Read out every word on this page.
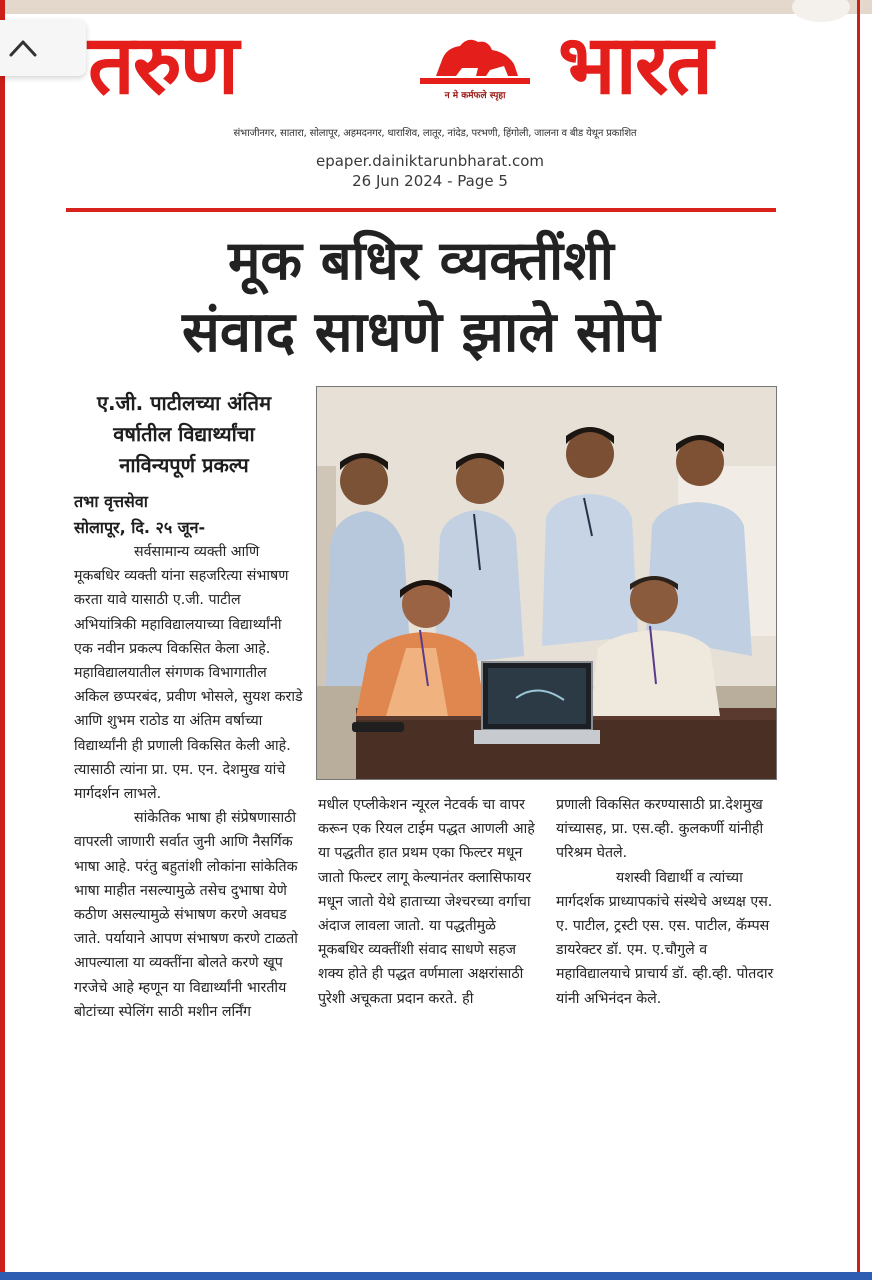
तरुण	न मे कर्मफले स्पृहा भारत
संभाजीनगर, सातारा, सोलापूर, अहमदनगर, धाराशिव, लातूर, नांदेड, परभणी, हिंगोली, जालना व बीड येथून प्रकाशित
epaper.dainiktarunbharat.com
26 Jun 2024 - Page 5
मूक बधिर व्यक्तींशी
संवाद साधणे झाले सोपे
ए.जी. पाटीलच्या अंतिम
वर्षातील विद्यार्थ्यांचा
नाविन्यपूर्ण प्रकल्प
तभा वृत्तसेवा
सोलापूर, दि. २५ जून-

सर्वसामान्य व्यक्ती आणि मूकबधिर व्यक्ती यांना सहजरित्या संभाषण करता यावे यासाठी ए.जी. पाटील अभियांत्रिकी महाविद्यालयाच्या विद्यार्थ्यांनी एक नवीन प्रकल्प विकसित केला आहे. महाविद्यालयातील संगणक विभागातील अकिल छप्परबंद, प्रवीण भोसले, सुयश कराडे आणि शुभम राठोड या अंतिम वर्षाच्या विद्यार्थ्यांनी ही प्रणाली विकसित केली आहे. त्यासाठी त्यांना प्रा. एम. एन. देशमुख यांचे मार्गदर्शन लाभले.

सांकेतिक भाषा ही संप्रेषणासाठी वापरली जाणारी सर्वात जुनी आणि नैसर्गिक भाषा आहे. परंतु बहुतांशी लोकांना सांकेतिक भाषा माहीत नसल्यामुळे तसेच दुभाषा येणे कठीण असल्यामुळे संभाषण करणे अवघड जाते. पर्यायाने आपण संभाषण करणे टाळतो आपल्याला या व्यक्तींना बोलते करणे खूप गरजेचे आहे म्हणून या विद्यार्थ्यांनी भारतीय बोटांच्या स्पेलिंग साठी मशीन लर्निंग

मधील एप्लीकेशन न्यूरल नेटवर्क चा वापर करून एक रियल टाईम पद्धत आणली आहे या पद्धतीत हात प्रथम एका फिल्टर मधून जातो फिल्टर लागू केल्यानंतर क्लासिफायर मधून जातो येथे हाताच्या जेश्चरच्या वर्गाचा अंदाज लावला जातो. या पद्धतीमुळे मूकबधिर व्यक्तींशी संवाद साधणे सहज शक्य होते ही पद्धत वर्णमाला अक्षरांसाठी पुरेशी अचूकता प्रदान करते. ही

प्रणाली विकसित करण्यासाठी प्रा.देशमुख यांच्यासह, प्रा. एस.व्ही. कुलकर्णी यांनीही परिश्रम घेतले.

यशस्वी विद्यार्थी व त्यांच्या मार्गदर्शक प्राध्यापकांचे संस्थेचे अध्यक्ष एस. ए. पाटील, ट्रस्टी एस. एस. पाटील, कॅम्पस डायरेक्टर डॉ. एम. ए.चौगुले व महाविद्यालयाचे प्राचार्य डॉ. व्ही.व्ही. पोतदार यांनी अभिनंदन केले.
